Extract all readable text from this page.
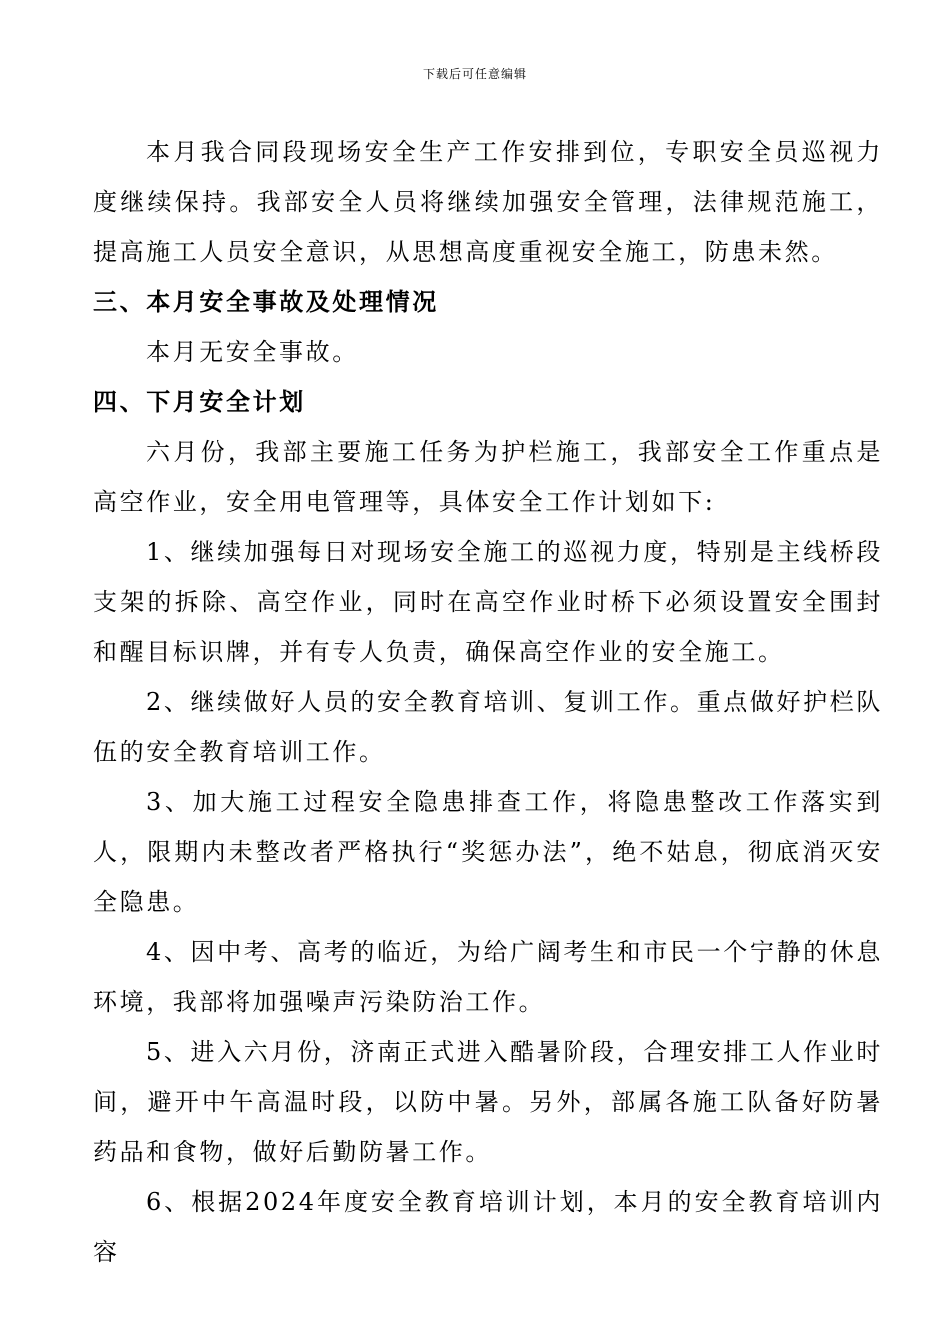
下载后可任意编辑

本月我合同段现场安全生产工作安排到位，专职安全员巡视力度继续保持。我部安全人员将继续加强安全管理，法律规范施工，提高施工人员安全意识，从思想高度重视安全施工，防患未然。

三、本月安全事故及处理情况

本月无安全事故。

四、下月安全计划

六月份，我部主要施工任务为护栏施工，我部安全工作重点是高空作业，安全用电管理等，具体安全工作计划如下:

1、继续加强每日对现场安全施工的巡视力度，特别是主线桥段支架的拆除、高空作业，同时在高空作业时桥下必须设置安全围封和醒目标识牌，并有专人负责，确保高空作业的安全施工。

2、继续做好人员的安全教育培训、复训工作。重点做好护栏队伍的安全教育培训工作。

3、加大施工过程安全隐患排查工作，将隐患整改工作落实到人，限期内未整改者严格执行“奖惩办法”，绝不姑息，彻底消灭安全隐患。

4、因中考、高考的临近，为给广阔考生和市民一个宁静的休息环境，我部将加强噪声污染防治工作。

5、进入六月份，济南正式进入酷暑阶段，合理安排工人作业时间，避开中午高温时段，以防中暑。另外，部属各施工队备好防暑药品和食物，做好后勤防暑工作。

6、根据2024年度安全教育培训计划，本月的安全教育培训内容
